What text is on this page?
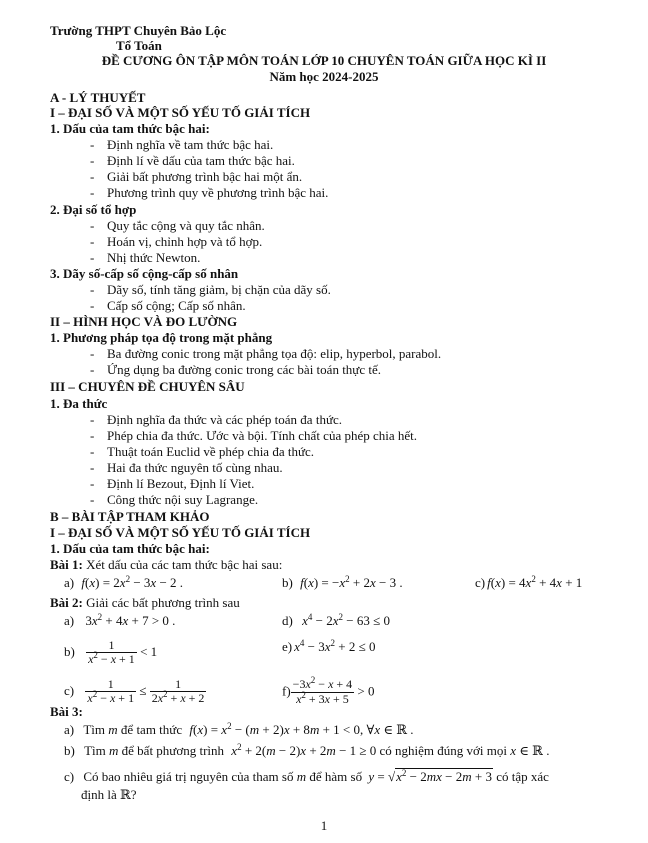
Trường THPT Chuyên Bảo Lộc
Tổ Toán
ĐỀ CƯƠNG ÔN TẬP MÔN TOÁN LỚP 10 CHUYÊN TOÁN GIỮA HỌC KÌ II
Năm học 2024-2025
A - LÝ THUYẾT
I – ĐẠI SỐ VÀ MỘT SỐ YẾU TỐ GIẢI TÍCH
1. Dấu của tam thức bậc hai:
- Định nghĩa về tam thức bậc hai.
- Định lí về dấu của tam thức bậc hai.
- Giải bất phương trình bậc hai một ẩn.
- Phương trình quy về phương trình bậc hai.
2. Đại số tổ hợp
- Quy tắc cộng và quy tắc nhân.
- Hoán vị, chỉnh hợp và tổ hợp.
- Nhị thức Newton.
3. Dãy số-cấp số cộng-cấp số nhân
- Dãy số, tính tăng giảm, bị chặn của dãy số.
- Cấp số cộng; Cấp số nhân.
II – HÌNH HỌC VÀ ĐO LƯỜNG
1. Phương pháp tọa độ trong mặt phẳng
- Ba đường conic trong mặt phẳng tọa độ: elip, hyperbol, parabol.
- Ứng dụng ba đường conic trong các bài toán thực tế.
III – CHUYÊN ĐỀ CHUYÊN SÂU
1. Đa thức
- Định nghĩa đa thức và các phép toán đa thức.
- Phép chia đa thức. Ước và bội. Tính chất của phép chia hết.
- Thuật toán Euclid về phép chia đa thức.
- Hai đa thức nguyên tố cùng nhau.
- Định lí Bezout, Định lí Viet.
- Công thức nội suy Lagrange.
B – BÀI TẬP THAM KHẢO
I – ĐẠI SỐ VÀ MỘT SỐ YẾU TỐ GIẢI TÍCH
1. Dấu của tam thức bậc hai:
Bài 1: Xét dấu của các tam thức bậc hai sau:
a) $f(x) = 2x^2 - 3x - 2$ .	b) $f(x) = -x^2 + 2x - 3$ .	c) $f(x) = 4x^2 + 4x + 1$
Bài 2: Giải các bất phương trình sau
a) $3x^2 + 4x + 7 > 0$ .	d) $x^4 - 2x^2 - 63 \le 0$
$b) \frac{1}{x^2 - x + 1} < 1$	e) $x^4 - 3x^2 + 2 \le 0$
$c) \frac{1}{x^2 - x + 1} \le \frac{1}{2x^2 + x + 2}$	$f) \frac{-3x^2 - x + 4}{x^2 + 3x + 5} > 0$
Bài 3:
a) Tìm m để tam thức $f(x) = x^2 - (m + 2)x + 8m + 1 < 0$, ∀x ∈ ℝ .
b) Tìm m để bất phương trình $x^2 + 2(m - 2)x + 2m - 1 \ge 0$ có nghiệm đúng với mọi x ∈ ℝ .
c) Có bao nhiêu giá trị nguyên của tham số m để hàm số $y = √x^2 - 2mx - 2m + 3$ có tập xác
định là ℝ?
1
